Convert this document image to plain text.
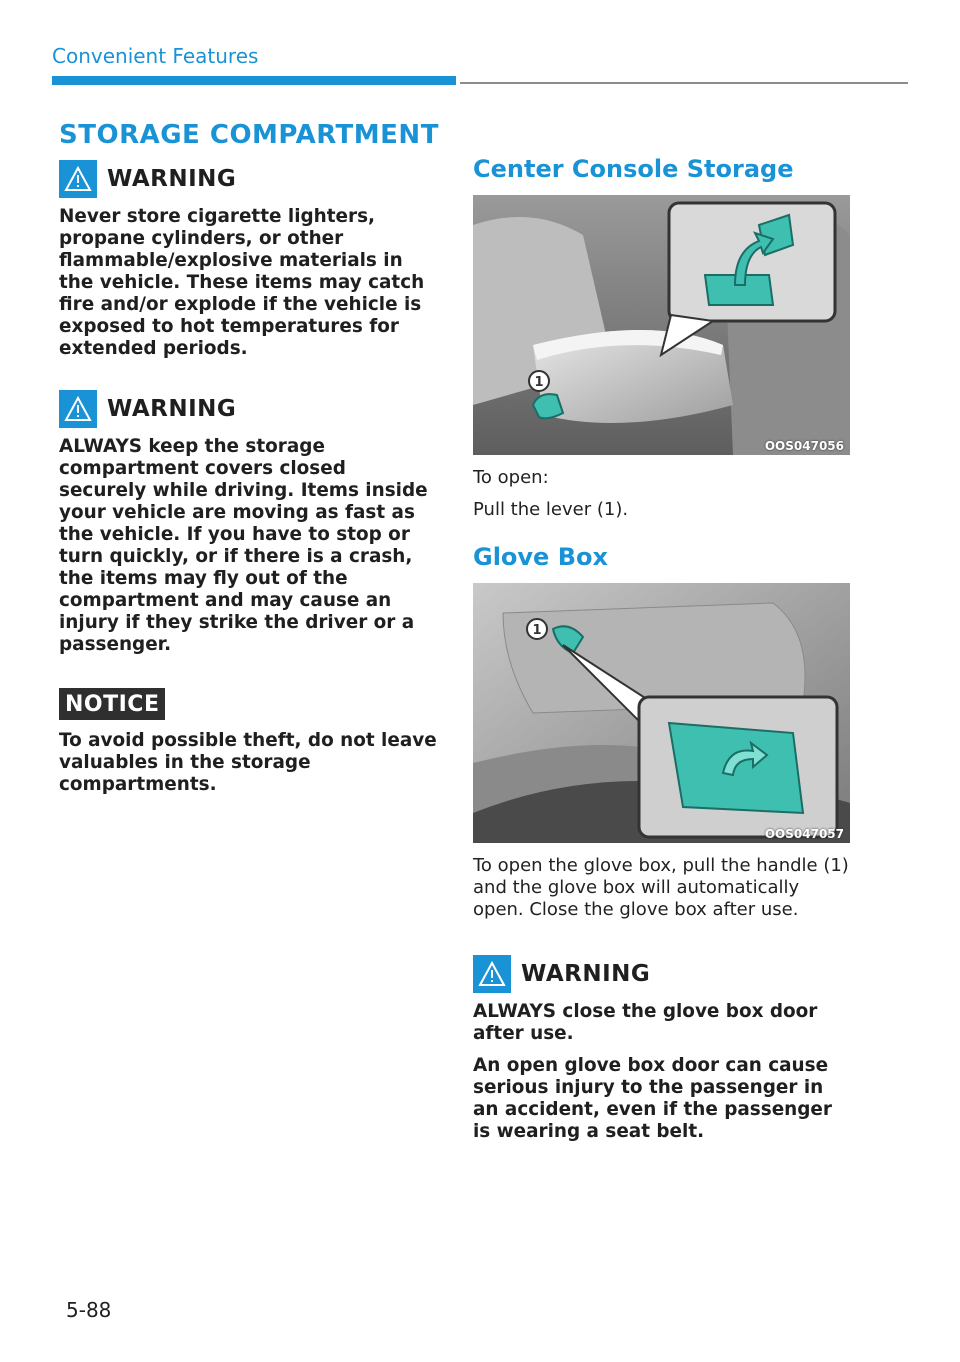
Convenient Features
STORAGE COMPARTMENT
WARNING

Never store cigarette lighters, propane cylinders, or other flammable/explosive materials in the vehicle. These items may catch fire and/or explode if the vehicle is exposed to hot temperatures for extended periods.

WARNING

ALWAYS keep the storage compartment covers closed securely while driving. Items inside your vehicle are moving as fast as the vehicle. If you have to stop or turn quickly, or if there is a crash, the items may fly out of the compartment and may cause an injury if they strike the driver or a passenger.

NOTICE

To avoid possible theft, do not leave valuables in the storage compartments.

Center Console Storage
1
OOS047056

To open:

Pull the lever (1).

Glove Box
1
OOS047057

To open the glove box, pull the handle (1) and the glove box will automatically open. Close the glove box after use.

WARNING

ALWAYS close the glove box door after use.

An open glove box door can cause serious injury to the passenger in an accident, even if the passenger is wearing a seat belt.

5-88
